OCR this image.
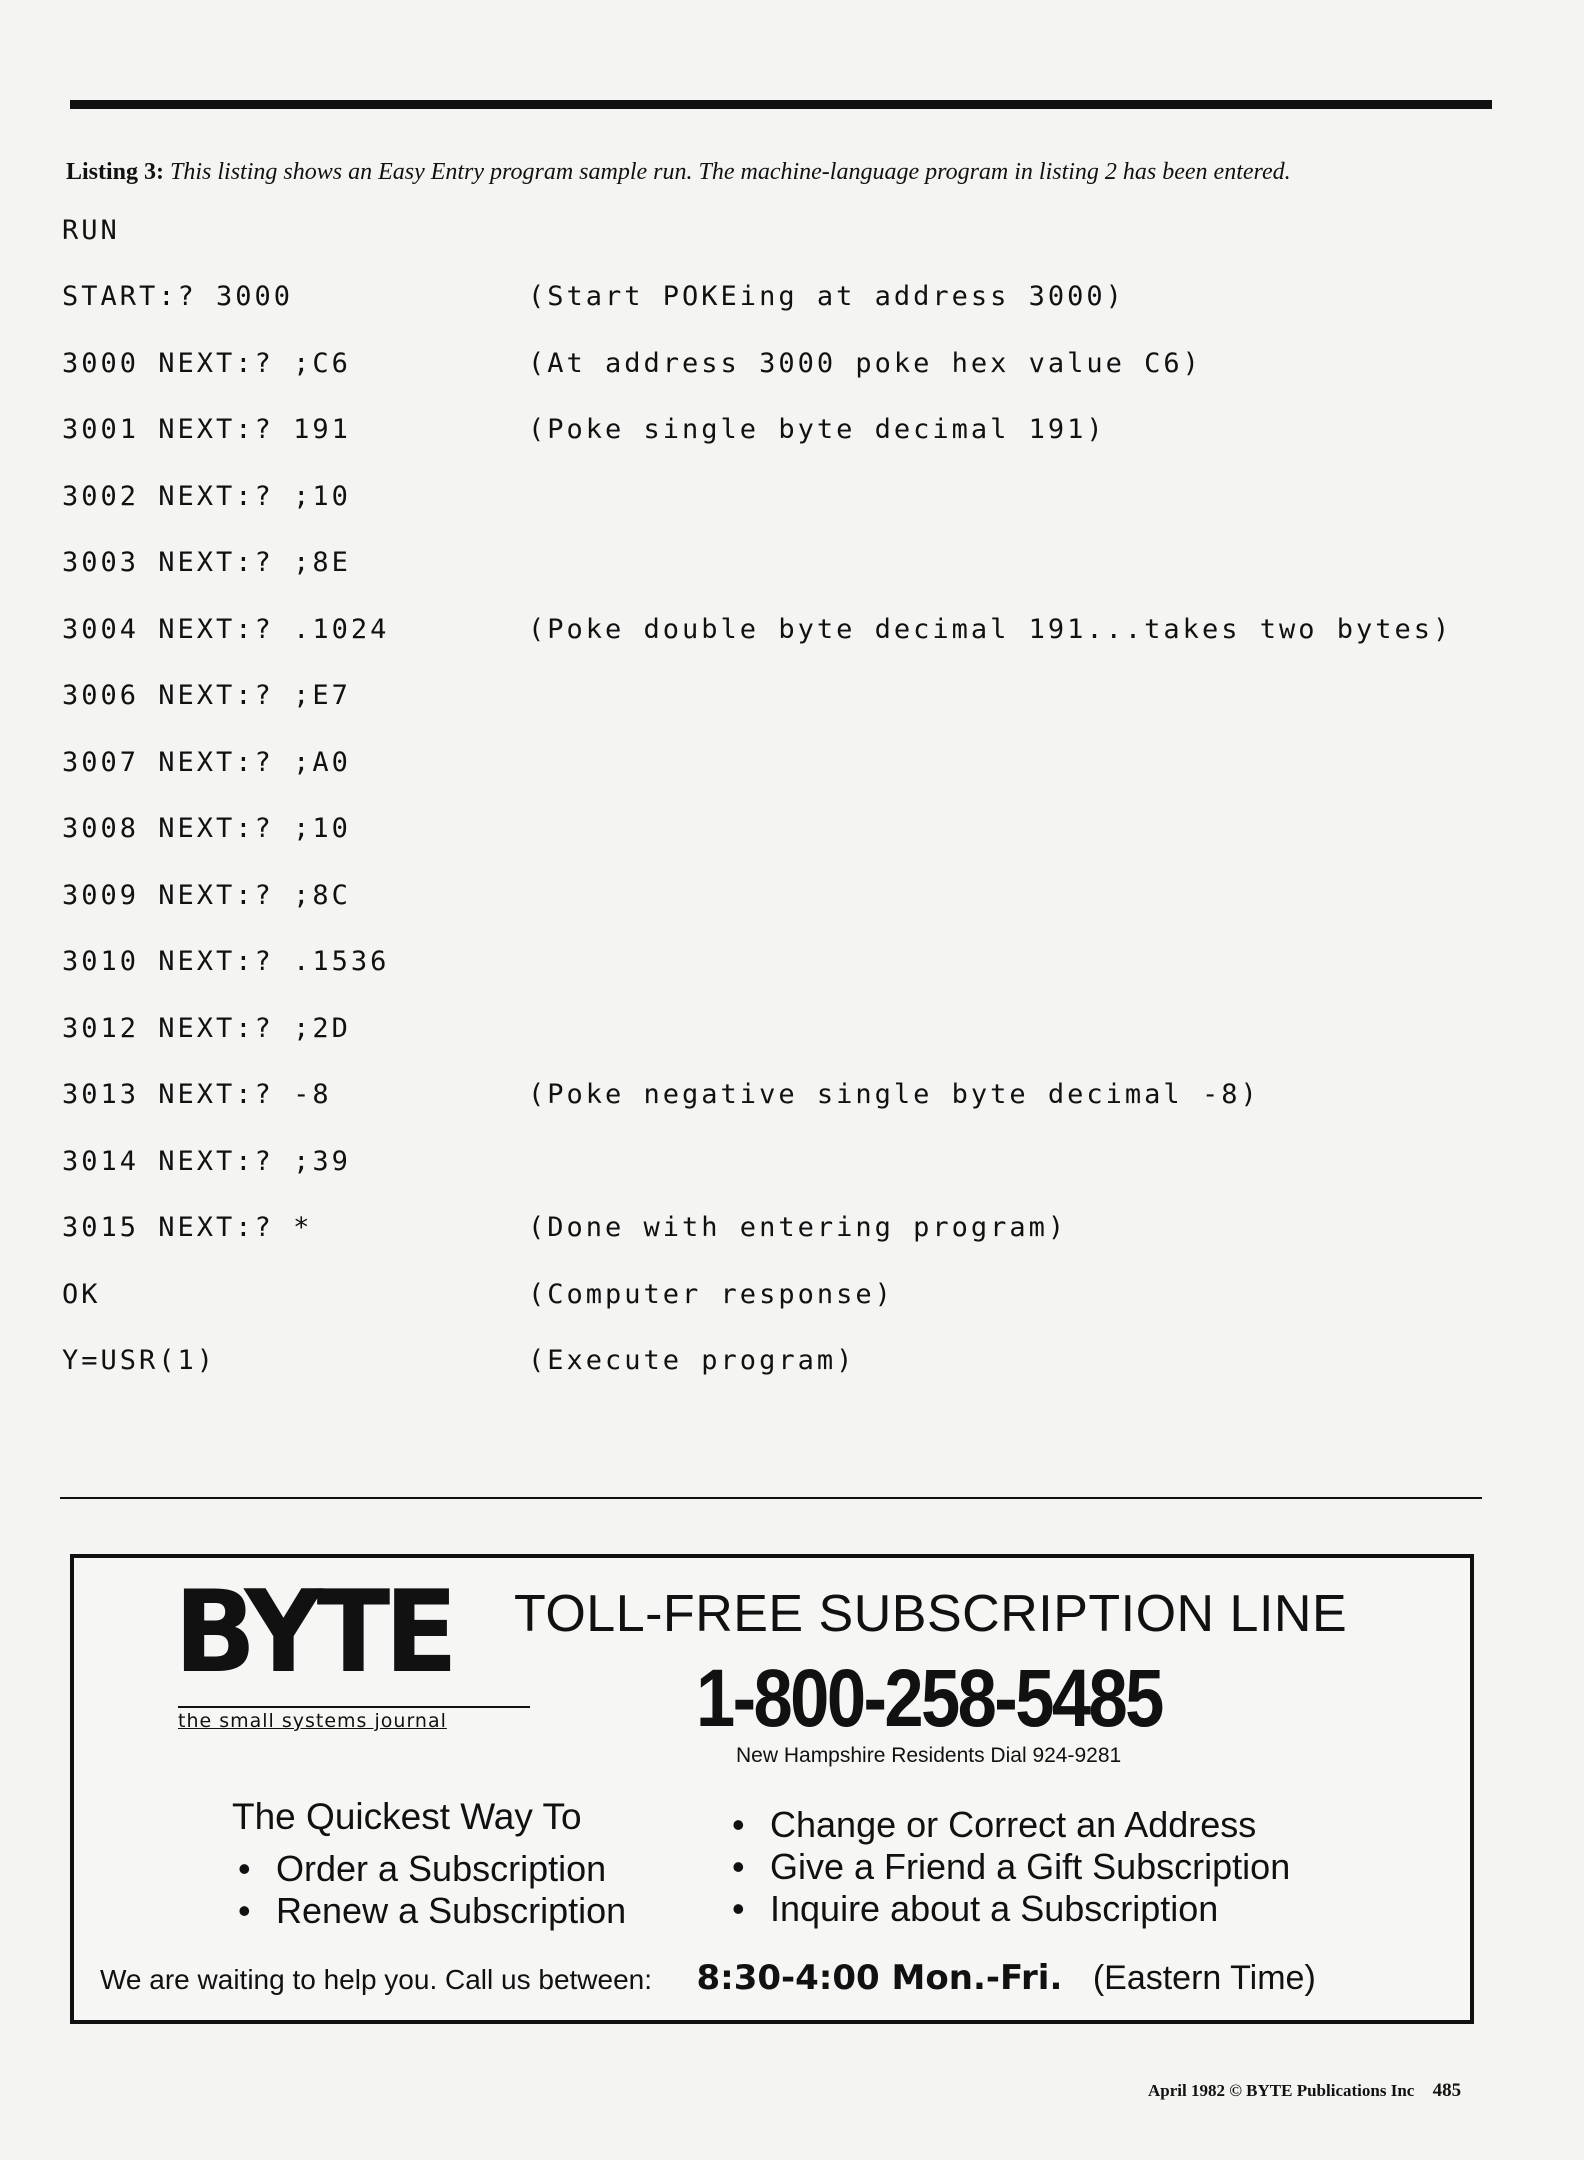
Listing 3: This listing shows an Easy Entry program sample run. The machine-language program in listing 2 has been entered.
RUN
START:? 3000	(Start POKEing at address 3000)
3000 NEXT:? ;C6	(At address 3000 poke hex value C6)
3001 NEXT:? 191	(Poke single byte decimal 191)
3002 NEXT:? ;10
3003 NEXT:? ;8E
3004 NEXT:? .1024	(Poke double byte decimal 191...takes two bytes)
3006 NEXT:? ;E7
3007 NEXT:? ;A0
3008 NEXT:? ;10
3009 NEXT:? ;8C
3010 NEXT:? .1536
3012 NEXT:? ;2D
3013 NEXT:? -8	(Poke negative single byte decimal -8)
3014 NEXT:? ;39
3015 NEXT:? *	(Done with entering program)
OK	(Computer response)
Y=USR(1)	(Execute program)
BYTE
the small systems journal
TOLL-FREE SUBSCRIPTION LINE
1-800-258-5485
New Hampshire Residents Dial 924-9281
The Quickest Way To
• Order a Subscription
• Renew a Subscription
• Change or Correct an Address
• Give a Friend a Gift Subscription
• Inquire about a Subscription
We are waiting to help you. Call us between: 8:30-4:00 Mon.-Fri. (Eastern Time)
April 1982 © BYTE Publications Inc 485
